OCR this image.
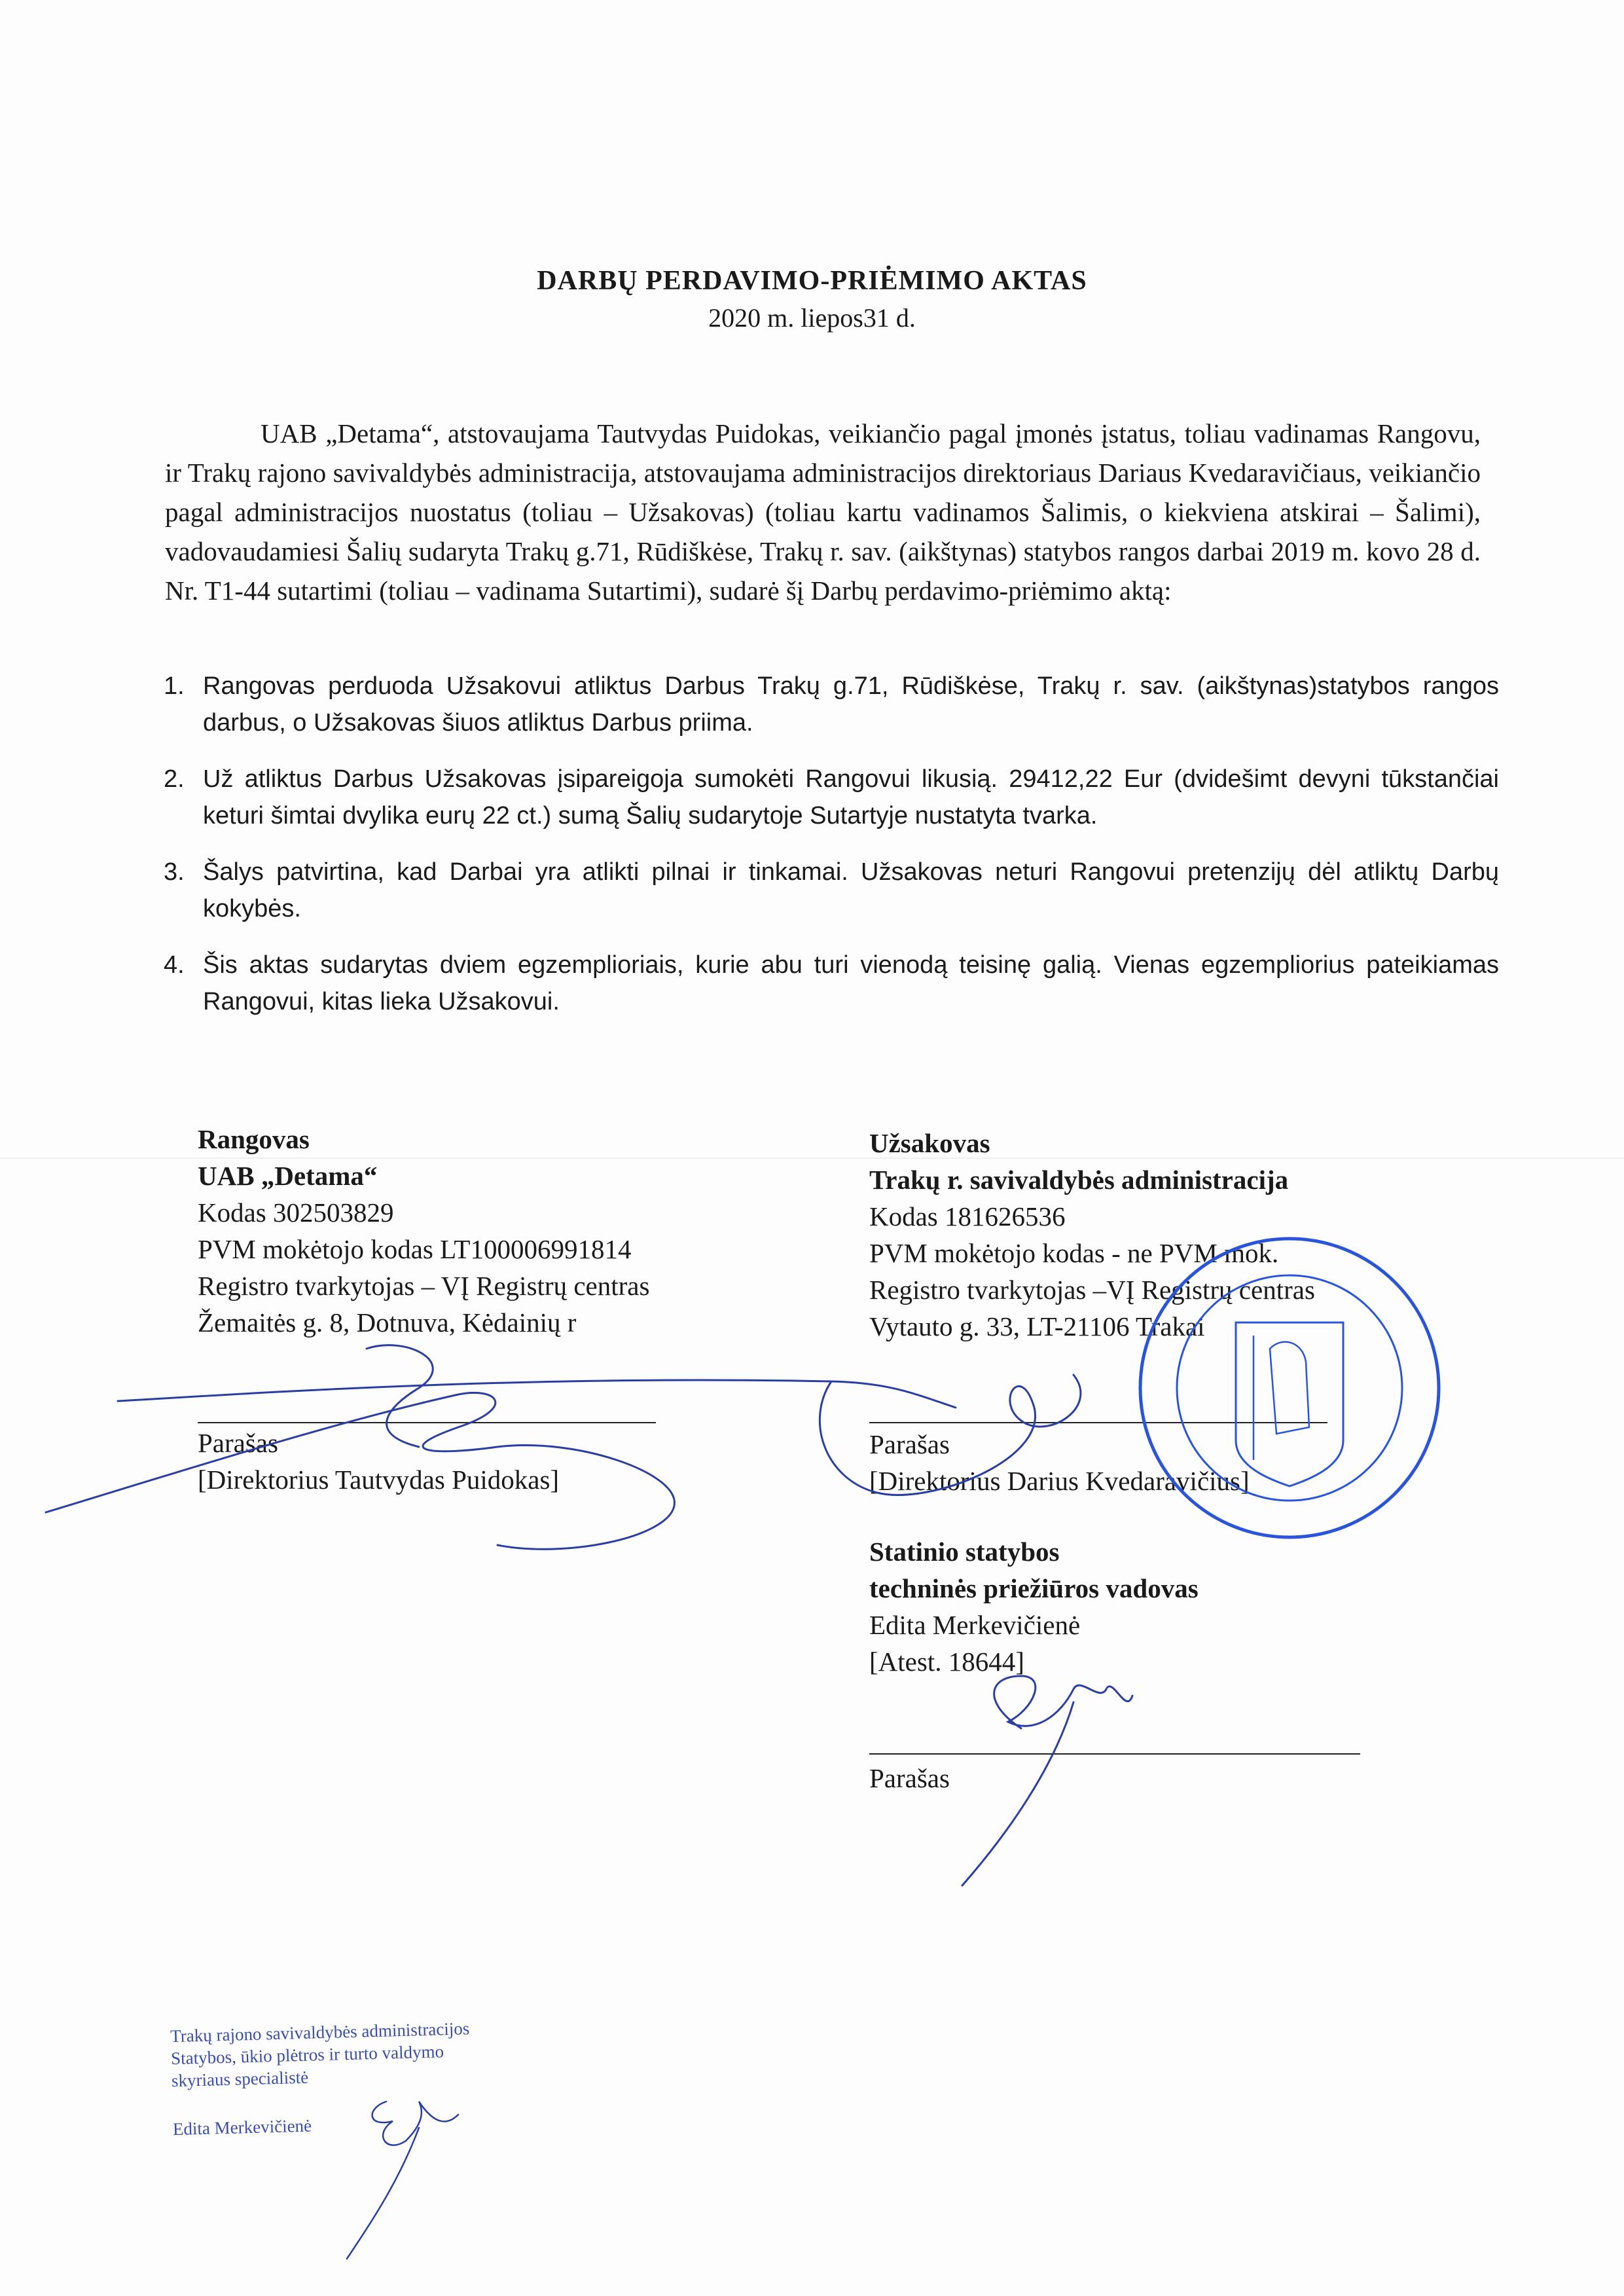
DARBŲ PERDAVIMO-PRIĖMIMO AKTAS
2020 m. liepos31 d.

UAB „Detama“, atstovaujama Tautvydas Puidokas, veikiančio pagal įmonės įstatus, toliau vadinamas Rangovu, ir Trakų rajono savivaldybės administracija, atstovaujama administracijos direktoriaus Dariaus Kvedaravičiaus, veikiančio pagal administracijos nuostatus (toliau – Užsakovas) (toliau kartu vadinamos Šalimis, o kiekviena atskirai – Šalimi), vadovaudamiesi Šalių sudaryta Trakų g.71, Rūdiškėse, Trakų r. sav. (aikštynas) statybos rangos darbai 2019 m. kovo 28 d. Nr. T1-44 sutartimi (toliau – vadinama Sutartimi), sudarė šį Darbų perdavimo-priėmimo aktą:

1. Rangovas perduoda Užsakovui atliktus Darbus Trakų g.71, Rūdiškėse, Trakų r. sav. (aikštynas)statybos rangos darbus, o Užsakovas šiuos atliktus Darbus priima.
2. Už atliktus Darbus Užsakovas įsipareigoja sumokėti Rangovui likusią. 29412,22 Eur (dvidešimt devyni tūkstančiai keturi šimtai dvylika eurų 22 ct.) sumą Šalių sudarytoje Sutartyje nustatyta tvarka.
3. Šalys patvirtina, kad Darbai yra atlikti pilnai ir tinkamai. Užsakovas neturi Rangovui pretenzijų dėl atliktų Darbų kokybės.
4. Šis aktas sudarytas dviem egzemplioriais, kurie abu turi vienodą teisinę galią. Vienas egzempliorius pateikiamas Rangovui, kitas lieka Užsakovui.
Rangovas
UAB „Detama“
Kodas 302503829
PVM mokėtojo kodas LT100006991814
Registro tvarkytojas – VĮ Registrų centras
Žemaitės g. 8, Dotnuva, Kėdainių r
Parašas
[Direktorius Tautvydas Puidokas]
Užsakovas
Trakų r. savivaldybės administracija
Kodas 181626536
PVM mokėtojo kodas - ne PVM mok.
Registro tvarkytojas –VĮ Registrų centras
Vytauto g. 33, LT-21106 Trakai
Parašas
[Direktorius Darius Kvedaravičius]
Statinio statybos
techninės priežiūros vadovas
Edita Merkevičienė
[Atest. 18644]
Parašas
Trakų rajono savivaldybės administracijos
Statybos, ūkio plėtros ir turto valdymo
skyriaus specialistė
Edita Merkevičienė
